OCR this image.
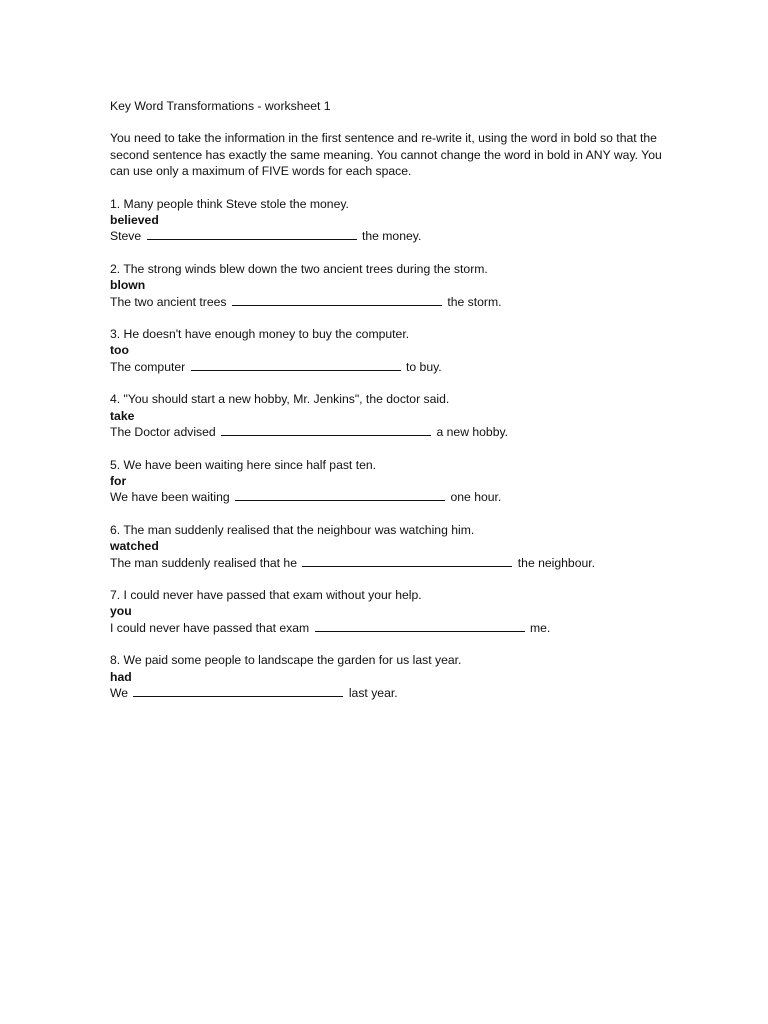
Key Word Transformations - worksheet 1

You need to take the information in the first sentence and re-write it, using the word in bold so that the second sentence has exactly the same meaning. You cannot change the word in bold in ANY way. You can use only a maximum of FIVE words for each space.

1. Many people think Steve stole the money.

believed

Steve	the money.

2. The strong winds blew down the two ancient trees during the storm.

blown

The two ancient trees	the storm.

3. He doesn't have enough money to buy the computer.

too

The computer	to buy.

4. "You should start a new hobby, Mr. Jenkins", the doctor said.

take

The Doctor advised	a new hobby.

5. We have been waiting here since half past ten.

for

We have been waiting	one hour.

6. The man suddenly realised that the neighbour was watching him.

watched

The man suddenly realised that he	the neighbour.

7. I could never have passed that exam without your help.

you

I could never have passed that exam	me.

8. We paid some people to landscape the garden for us last year.

had

We	last year.
